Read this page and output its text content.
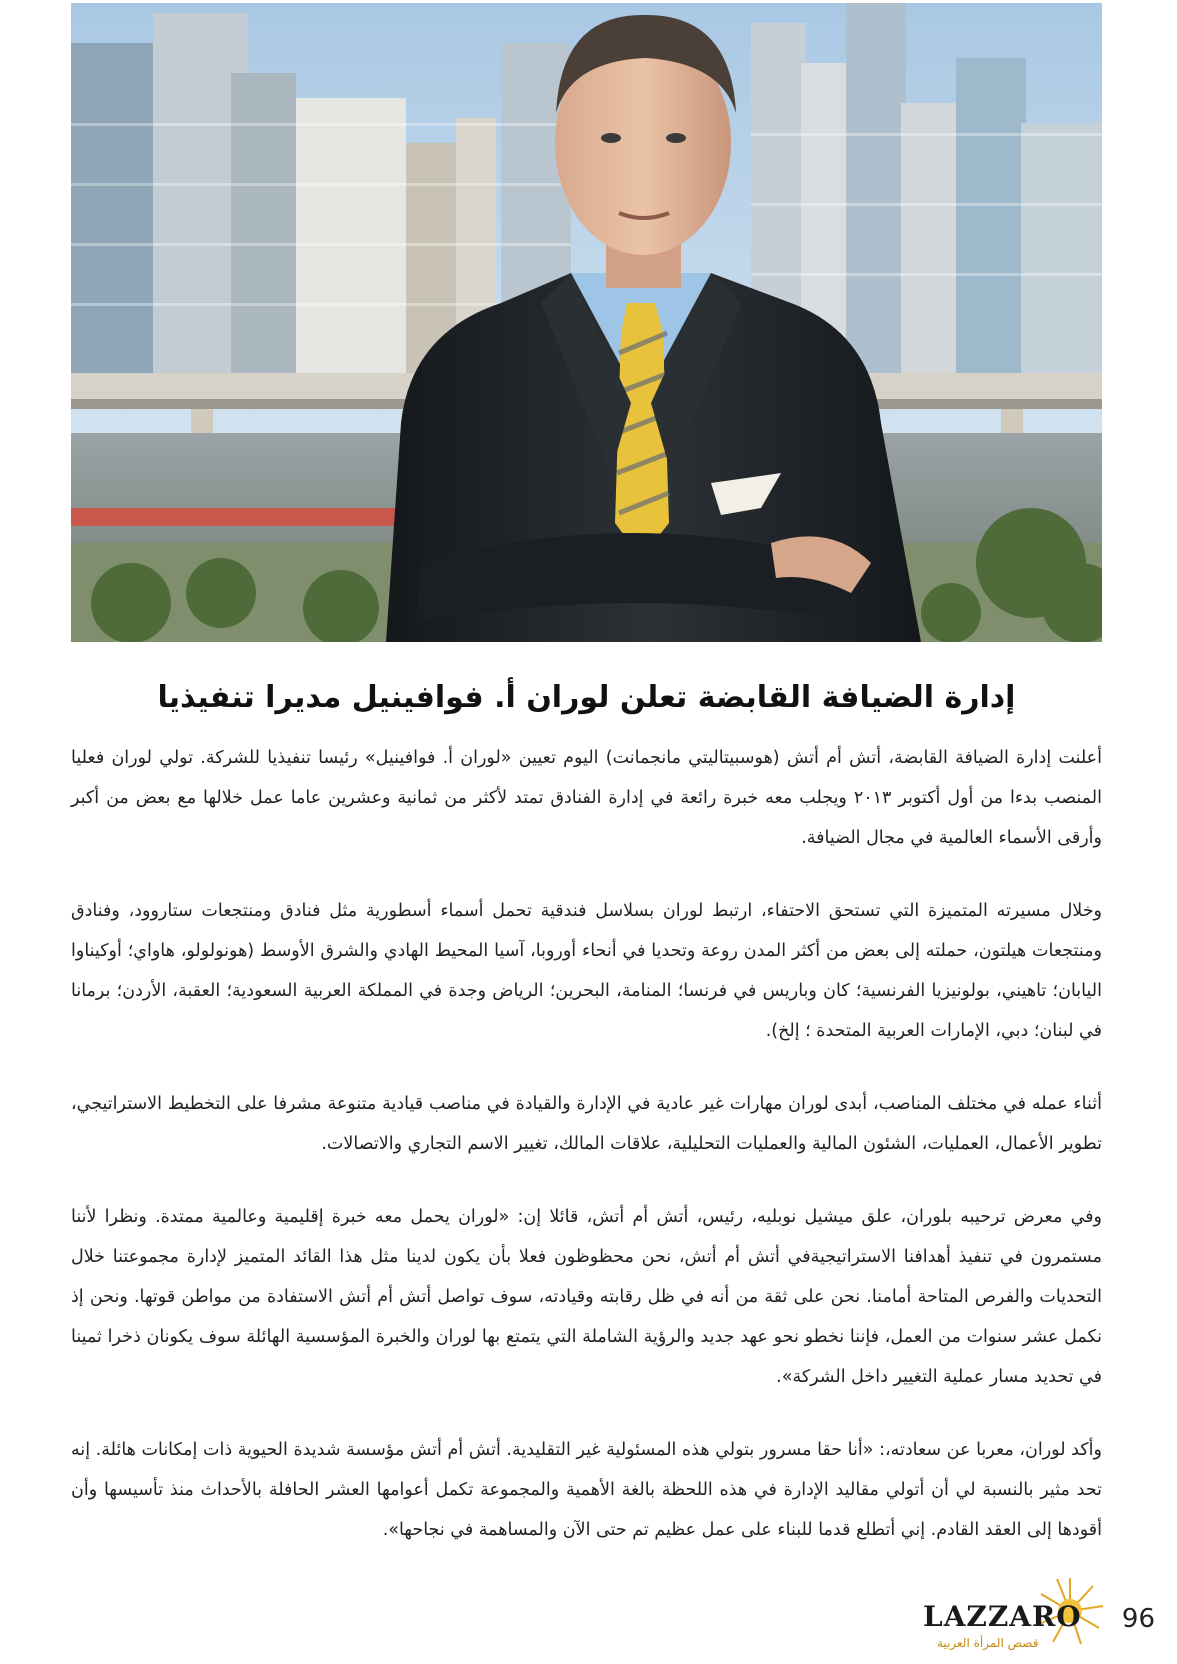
إدارة الضيافة القابضة تعلن لوران أ. فوافينيل مديرا تنفيذيا

أعلنت إدارة الضيافة القابضة، أتش أم أتش (هوسبيتاليتي مانجمانت) اليوم تعيين «لوران أ. فوافينيل» رئيسا تنفيذيا للشركة. تولي لوران فعليا المنصب بدءا من أول أكتوبر ٢٠١٣ ويجلب معه خبرة رائعة في إدارة الفنادق تمتد لأكثر من ثمانية وعشرين عاما عمل خلالها مع بعض من أكبر وأرقى الأسماء العالمية في مجال الضيافة.

وخلال مسيرته المتميزة التي تستحق الاحتفاء، ارتبط لوران بسلاسل فندقية تحمل أسماء أسطورية مثل فنادق ومنتجعات ستاروود، وفنادق ومنتجعات هيلتون، حملته إلى بعض من أكثر المدن روعة وتحديا في أنحاء أوروبا، آسيا المحيط الهادي والشرق الأوسط (هونولولو، هاواي؛ أوكيناوا اليابان؛ تاهيني، بولونيزيا الفرنسية؛ كان وباريس في فرنسا؛ المنامة، البحرين؛ الرياض وجدة في المملكة العربية السعودية؛ العقبة، الأردن؛ برمانا في لبنان؛ دبي، الإمارات العربية المتحدة ؛ إلخ).

أثناء عمله في مختلف المناصب، أبدى لوران مهارات غير عادية في الإدارة والقيادة في مناصب قيادية متنوعة مشرفا على التخطيط الاستراتيجي، تطوير الأعمال، العمليات، الشئون المالية والعمليات التحليلية، علاقات المالك، تغيير الاسم التجاري والاتصالات.

وفي معرض ترحيبه بلوران، علق ميشيل نوبليه، رئيس، أتش أم أتش، قائلا إن: «لوران يحمل معه خبرة إقليمية وعالمية ممتدة. ونظرا لأننا مستمرون في تنفيذ أهدافنا الاستراتيجيةفي أتش أم أتش، نحن محظوظون فعلا بأن يكون لدينا مثل هذا القائد المتميز لإدارة مجموعتنا خلال التحديات والفرص المتاحة أمامنا. نحن على ثقة من أنه في ظل رقابته وقيادته، سوف تواصل أتش أم أتش الاستفادة من مواطن قوتها. ونحن إذ نكمل عشر سنوات من العمل، فإننا نخطو نحو عهد جديد والرؤية الشاملة التي يتمتع بها لوران والخبرة المؤسسية الهائلة سوف يكونان ذخرا ثمينا في تحديد مسار عملية التغيير داخل الشركة».

وأكد لوران، معربا عن سعادته،: «أنا حقا مسرور بتولي هذه المسئولية غير التقليدية. أتش أم أتش مؤسسة شديدة الحيوية ذات إمكانات هائلة. إنه تحد مثير بالنسبة لي أن أتولي مقاليد الإدارة في هذه اللحظة بالغة الأهمية والمجموعة تكمل أعوامها العشر الحافلة بالأحداث منذ تأسيسها وأن أقودها إلى العقد القادم. إني أتطلع قدما للبناء على عمل عظيم تم حتى الآن والمساهمة في نجاحها».

LAZZARO
قصص المرأة العربية
96
